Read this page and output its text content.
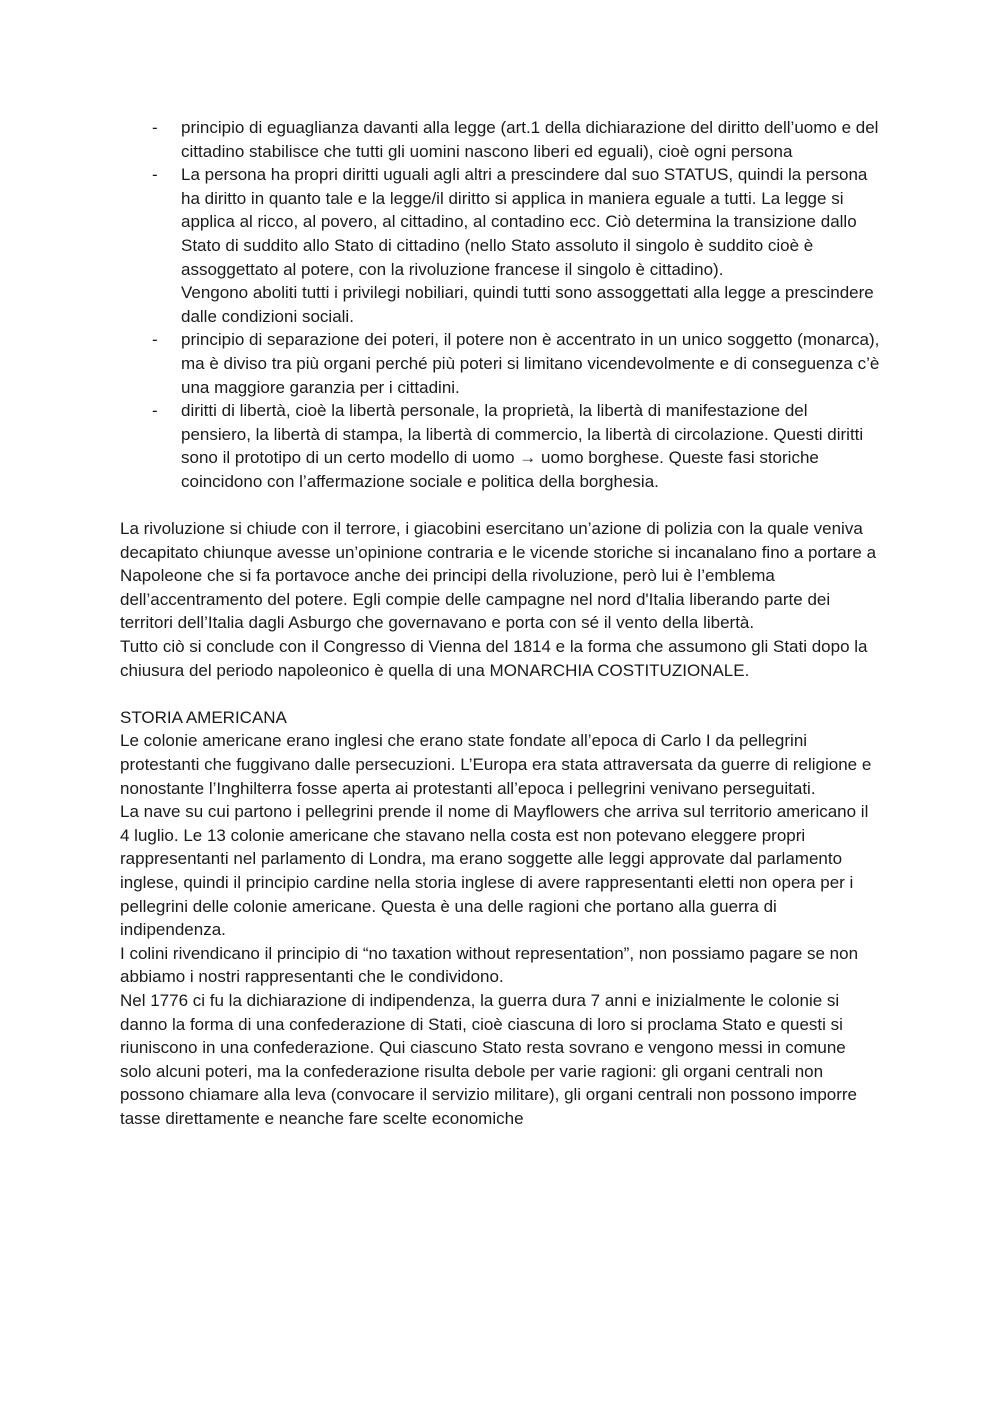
- principio di eguaglianza davanti alla legge (art.1 della dichiarazione del diritto dell’uomo e del cittadino stabilisce che tutti gli uomini nascono liberi ed eguali), cioè ogni persona

- La persona ha propri diritti uguali agli altri a prescindere dal suo STATUS, quindi la persona ha diritto in quanto tale e la legge/il diritto si applica in maniera eguale a tutti. La legge si applica al ricco, al povero, al cittadino, al contadino ecc. Ciò determina la transizione dallo Stato di suddito allo Stato di cittadino (nello Stato assoluto il singolo è suddito cioè è assoggettato al potere, con la rivoluzione francese il singolo è cittadino).

Vengono aboliti tutti i privilegi nobiliari, quindi tutti sono assoggettati alla legge a prescindere dalle condizioni sociali.

- principio di separazione dei poteri, il potere non è accentrato in un unico soggetto (monarca), ma è diviso tra più organi perché più poteri si limitano vicendevolmente e di conseguenza c’è una maggiore garanzia per i cittadini.

- diritti di libertà, cioè la libertà personale, la proprietà, la libertà di manifestazione del pensiero, la libertà di stampa, la libertà di commercio, la libertà di circolazione. Questi diritti sono il prototipo di un certo modello di uomo → uomo borghese. Queste fasi storiche coincidono con l’affermazione sociale e politica della borghesia.

La rivoluzione si chiude con il terrore, i giacobini esercitano un’azione di polizia con la quale veniva decapitato chiunque avesse un’opinione contraria e le vicende storiche si incanalano fino a portare a Napoleone che si fa portavoce anche dei principi della rivoluzione, però lui è l’emblema dell’accentramento del potere. Egli compie delle campagne nel nord d'Italia liberando parte dei territori dell’Italia dagli Asburgo che governavano e porta con sé il vento della libertà.

Tutto ciò si conclude con il Congresso di Vienna del 1814 e la forma che assumono gli Stati dopo la chiusura del periodo napoleonico è quella di una MONARCHIA COSTITUZIONALE.

STORIA AMERICANA

Le colonie americane erano inglesi che erano state fondate all’epoca di Carlo I da pellegrini protestanti che fuggivano dalle persecuzioni. L’Europa era stata attraversata da guerre di religione e nonostante l’Inghilterra fosse aperta ai protestanti all’epoca i pellegrini venivano perseguitati.

La nave su cui partono i pellegrini prende il nome di Mayflowers che arriva sul territorio americano il 4 luglio. Le 13 colonie americane che stavano nella costa est non potevano eleggere propri rappresentanti nel parlamento di Londra, ma erano soggette alle leggi approvate dal parlamento inglese, quindi il principio cardine nella storia inglese di avere rappresentanti eletti non opera per i pellegrini delle colonie americane. Questa è una delle ragioni che portano alla guerra di indipendenza.

I colini rivendicano il principio di “no taxation without representation”, non possiamo pagare se non abbiamo i nostri rappresentanti che le condividono.

Nel 1776 ci fu la dichiarazione di indipendenza, la guerra dura 7 anni e inizialmente le colonie si danno la forma di una confederazione di Stati, cioè ciascuna di loro si proclama Stato e questi si riuniscono in una confederazione. Qui ciascuno Stato resta sovrano e vengono messi in comune solo alcuni poteri, ma la confederazione risulta debole per varie ragioni: gli organi centrali non possono chiamare alla leva (convocare il servizio militare), gli organi centrali non possono imporre tasse direttamente e neanche fare scelte economiche
